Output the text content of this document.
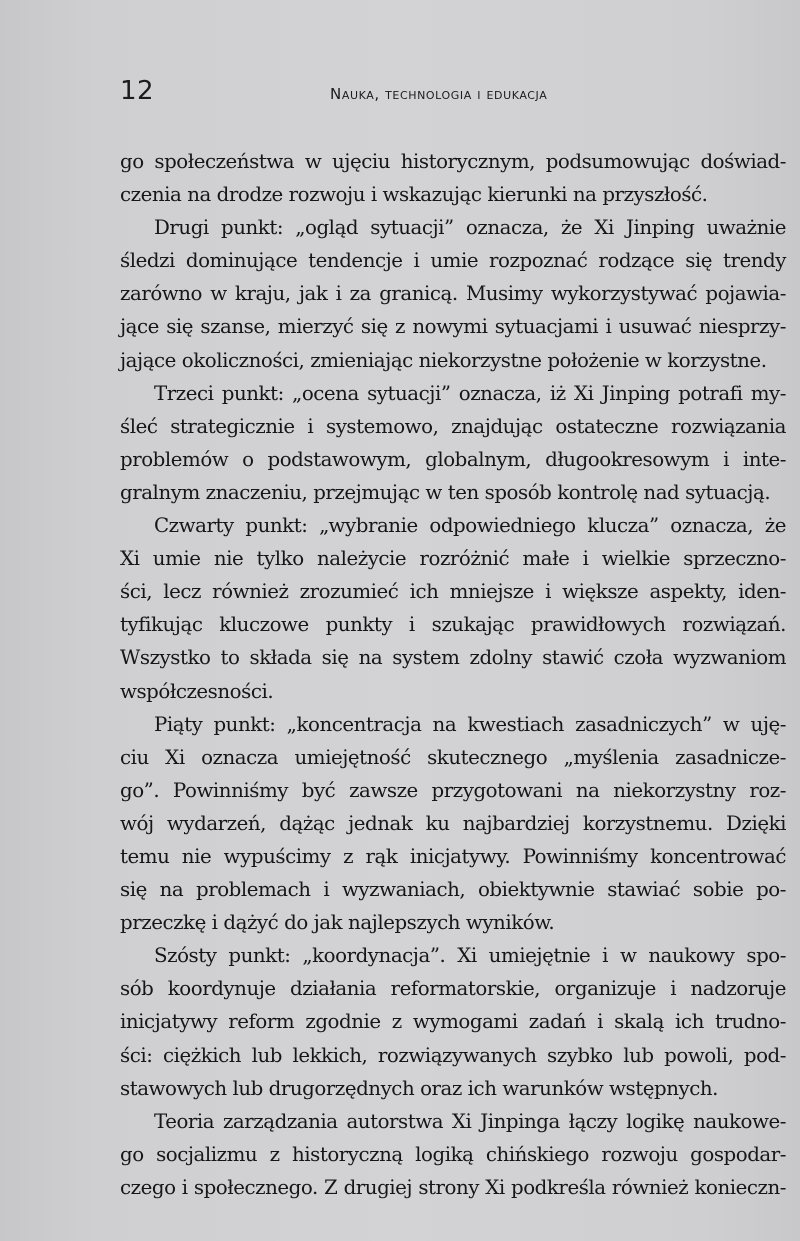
12	Nauka, technologia i edukacja
go społeczeństwa w ujęciu historycznym, podsumowując doświad-
czenia na drodze rozwoju i wskazując kierunki na przyszłość.
Drugi punkt: „ogląd sytuacji” oznacza, że Xi Jinping uważnie
śledzi dominujące tendencje i umie rozpoznać rodzące się trendy
zarówno w kraju, jak i za granicą. Musimy wykorzystywać pojawia-
jące się szanse, mierzyć się z nowymi sytuacjami i usuwać niesprzy-
jające okoliczności, zmieniając niekorzystne położenie w korzystne.
Trzeci punkt: „ocena sytuacji” oznacza, iż Xi Jinping potrafi my-
śleć strategicznie i systemowo, znajdując ostateczne rozwiązania
problemów o podstawowym, globalnym, długookresowym i inte-
gralnym znaczeniu, przejmując w ten sposób kontrolę nad sytuacją.
Czwarty punkt: „wybranie odpowiedniego klucza” oznacza, że
Xi umie nie tylko należycie rozróżnić małe i wielkie sprzeczno-
ści, lecz również zrozumieć ich mniejsze i większe aspekty, iden-
tyfikując kluczowe punkty i szukając prawidłowych rozwiązań.
Wszystko to składa się na system zdolny stawić czoła wyzwaniom
współczesności.
Piąty punkt: „koncentracja na kwestiach zasadniczych” w uję-
ciu Xi oznacza umiejętność skutecznego „myślenia zasadnicze-
go”. Powinniśmy być zawsze przygotowani na niekorzystny roz-
wój wydarzeń, dążąc jednak ku najbardziej korzystnemu. Dzięki
temu nie wypuścimy z rąk inicjatywy. Powinniśmy koncentrować
się na problemach i wyzwaniach, obiektywnie stawiać sobie po-
przeczkę i dążyć do jak najlepszych wyników.
Szósty punkt: „koordynacja”. Xi umiejętnie i w naukowy spo-
sób koordynuje działania reformatorskie, organizuje i nadzoruje
inicjatywy reform zgodnie z wymogami zadań i skalą ich trudno-
ści: ciężkich lub lekkich, rozwiązywanych szybko lub powoli, pod-
stawowych lub drugorzędnych oraz ich warunków wstępnych.
Teoria zarządzania autorstwa Xi Jinpinga łączy logikę naukowe-
go socjalizmu z historyczną logiką chińskiego rozwoju gospodar-
czego i społecznego. Z drugiej strony Xi podkreśla również konieczn-
